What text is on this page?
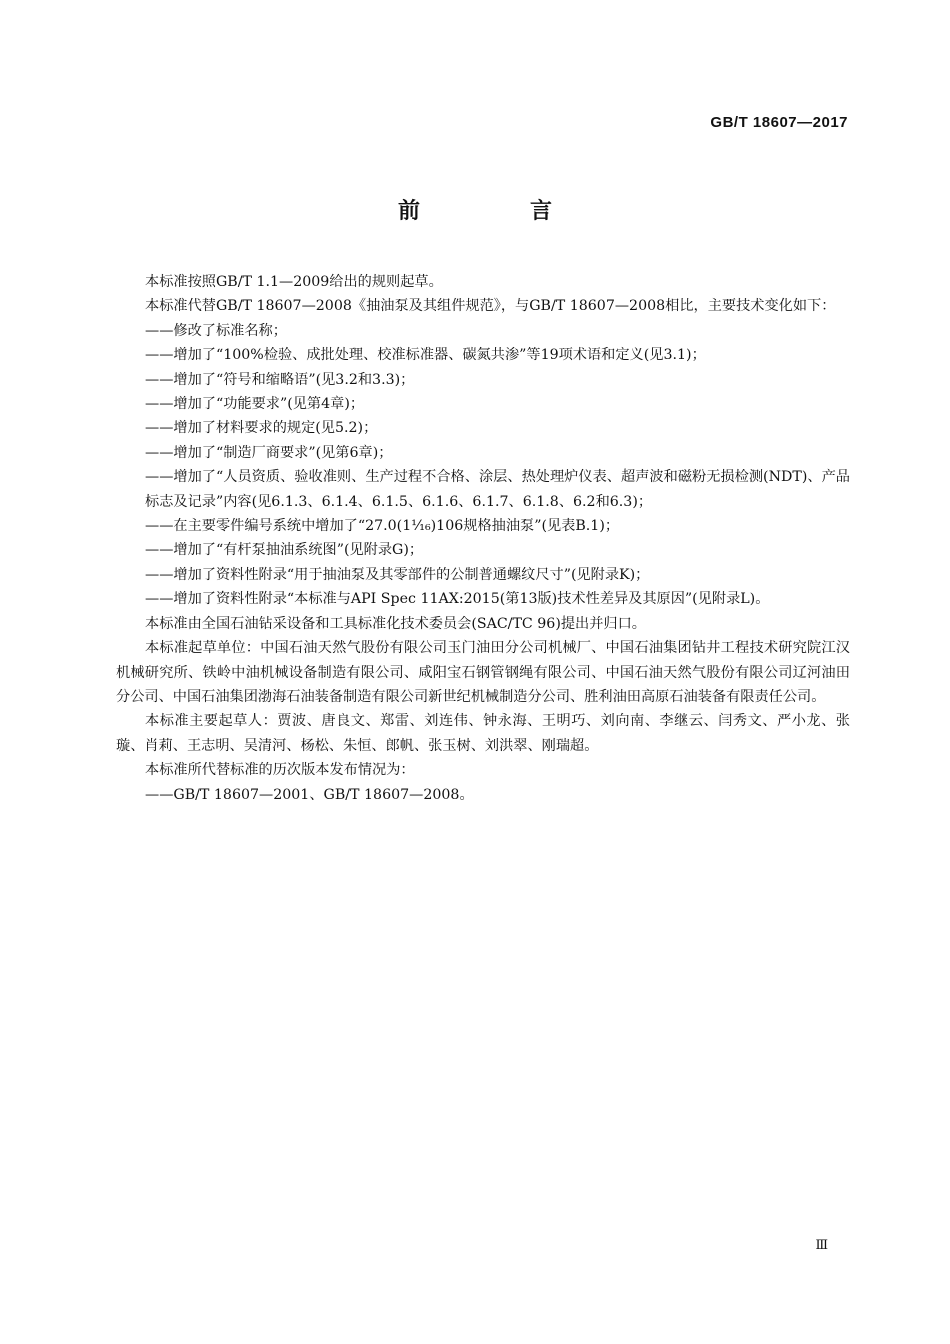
GB/T 18607—2017
前　言

本标准按照GB/T 1.1—2009给出的规则起草。

本标准代替GB/T 18607—2008《抽油泵及其组件规范》，与GB/T 18607—2008相比，主要技术变化如下：

——修改了标准名称；

——增加了“100%检验、成批处理、校准标准器、碳氮共渗”等19项术语和定义(见3.1)；

——增加了“符号和缩略语”(见3.2和3.3)；

——增加了“功能要求”(见第4章)；

——增加了材料要求的规定(见5.2)；

——增加了“制造厂商要求”(见第6章)；

——增加了“人员资质、验收准则、生产过程不合格、涂层、热处理炉仪表、超声波和磁粉无损检测(NDT)、产品标志及记录”内容(见6.1.3、6.1.4、6.1.5、6.1.6、6.1.7、6.1.8、6.2和6.3)；

——在主要零件编号系统中增加了“27.0(1⅟₁₆)106规格抽油泵”(见表B.1)；

——增加了“有杆泵抽油系统图”(见附录G)；

——增加了资料性附录“用于抽油泵及其零部件的公制普通螺纹尺寸”(见附录K)；

——增加了资料性附录“本标准与API Spec 11AX:2015(第13版)技术性差异及其原因”(见附录L)。

本标准由全国石油钻采设备和工具标准化技术委员会(SAC/TC 96)提出并归口。

本标准起草单位：中国石油天然气股份有限公司玉门油田分公司机械厂、中国石油集团钻井工程技术研究院江汉机械研究所、铁岭中油机械设备制造有限公司、咸阳宝石钢管钢绳有限公司、中国石油天然气股份有限公司辽河油田分公司、中国石油集团渤海石油装备制造有限公司新世纪机械制造分公司、胜利油田高原石油装备有限责任公司。

本标准主要起草人：贾波、唐良文、郑雷、刘连伟、钟永海、王明巧、刘向南、李继云、闫秀文、严小龙、张璇、肖莉、王志明、吴清河、杨松、朱恒、郎帆、张玉树、刘洪翠、刚瑞超。

本标准所代替标准的历次版本发布情况为：

——GB/T 18607—2001、GB/T 18607—2008。

Ⅲ
